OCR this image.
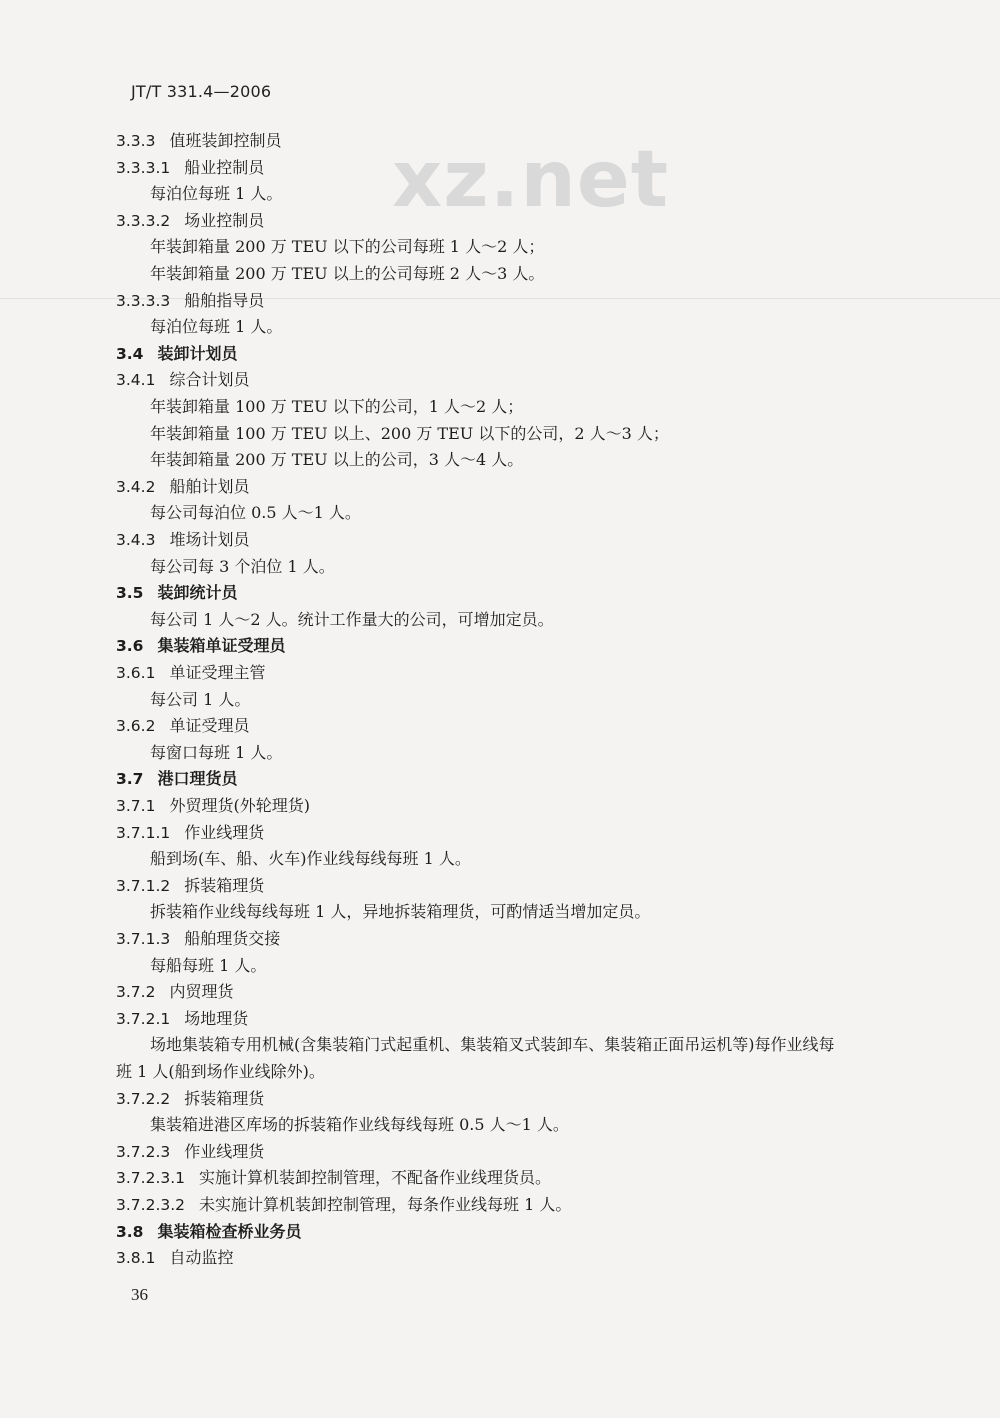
JT/T 331.4—2006
xz.net
3.3.3 值班装卸控制员
3.3.3.1 船业控制员
每泊位每班 1 人。
3.3.3.2 场业控制员
年装卸箱量 200 万 TEU 以下的公司每班 1 人～2 人；
年装卸箱量 200 万 TEU 以上的公司每班 2 人～3 人。
3.3.3.3 船舶指导员
每泊位每班 1 人。
3.4 装卸计划员
3.4.1 综合计划员
年装卸箱量 100 万 TEU 以下的公司，1 人～2 人；
年装卸箱量 100 万 TEU 以上、200 万 TEU 以下的公司，2 人～3 人；
年装卸箱量 200 万 TEU 以上的公司，3 人～4 人。
3.4.2 船舶计划员
每公司每泊位 0.5 人～1 人。
3.4.3 堆场计划员
每公司每 3 个泊位 1 人。
3.5 装卸统计员
每公司 1 人～2 人。统计工作量大的公司，可增加定员。
3.6 集装箱单证受理员
3.6.1 单证受理主管
每公司 1 人。
3.6.2 单证受理员
每窗口每班 1 人。
3.7 港口理货员
3.7.1 外贸理货(外轮理货)
3.7.1.1 作业线理货
船到场(车、船、火车)作业线每线每班 1 人。
3.7.1.2 拆装箱理货
拆装箱作业线每线每班 1 人，异地拆装箱理货，可酌情适当增加定员。
3.7.1.3 船舶理货交接
每船每班 1 人。
3.7.2 内贸理货
3.7.2.1 场地理货
场地集装箱专用机械(含集装箱门式起重机、集装箱叉式装卸车、集装箱正面吊运机等)每作业线每
班 1 人(船到场作业线除外)。
3.7.2.2 拆装箱理货
集装箱进港区库场的拆装箱作业线每线每班 0.5 人～1 人。
3.7.2.3 作业线理货
3.7.2.3.1 实施计算机装卸控制管理，不配备作业线理货员。
3.7.2.3.2 未实施计算机装卸控制管理，每条作业线每班 1 人。
3.8 集装箱检查桥业务员
3.8.1 自动监控
36
